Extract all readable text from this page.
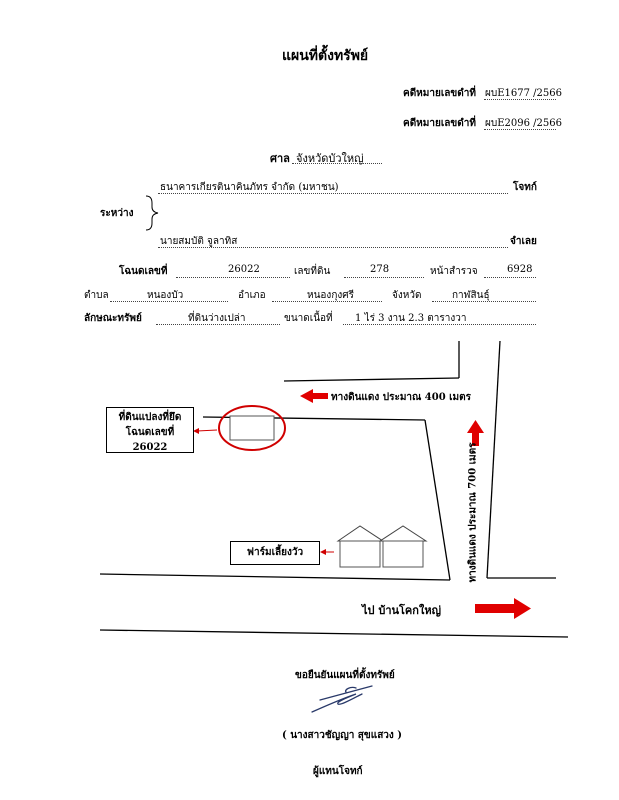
แผนที่ตั้งทรัพย์
คดีหมายเลขดำที่ ผบE1677 /2566
คดีหมายเลขดำที่ ผบE2096 /2566
ศาล จังหวัดบัวใหญ่
ธนาคารเกียรตินาคินภัทร จำกัด (มหาชน)	โจทก์
ระหว่าง
นายสมบัติ จูลาทิส	จำเลย
โฉนดเลขที่	26022	เลขที่ดิน	278	หน้าสำรวจ	6928
ตำบล	หนองบัว	อำเภอ	หนองกุงศรี	จังหวัด	กาฬสินธุ์
ลักษณะทรัพย์	ที่ดินว่างเปล่า	ขนาดเนื้อที่ 1 ไร่ 3 งาน 2.3 ตารางวา
ทางดินแดง ประมาณ 400 เมตร
ที่ดินแปลงที่ยึด
โฉนดเลขที่ 26022
ฟาร์มเลี้ยงวัว	ทางดินแดง ประมาณ 700 เมตร
ไป บ้านโคกใหญ่
ขอยืนยันแผนที่ตั้งทรัพย์
( นางสาวชัญญา สุขแสวง )
ผู้แทนโจทก์
